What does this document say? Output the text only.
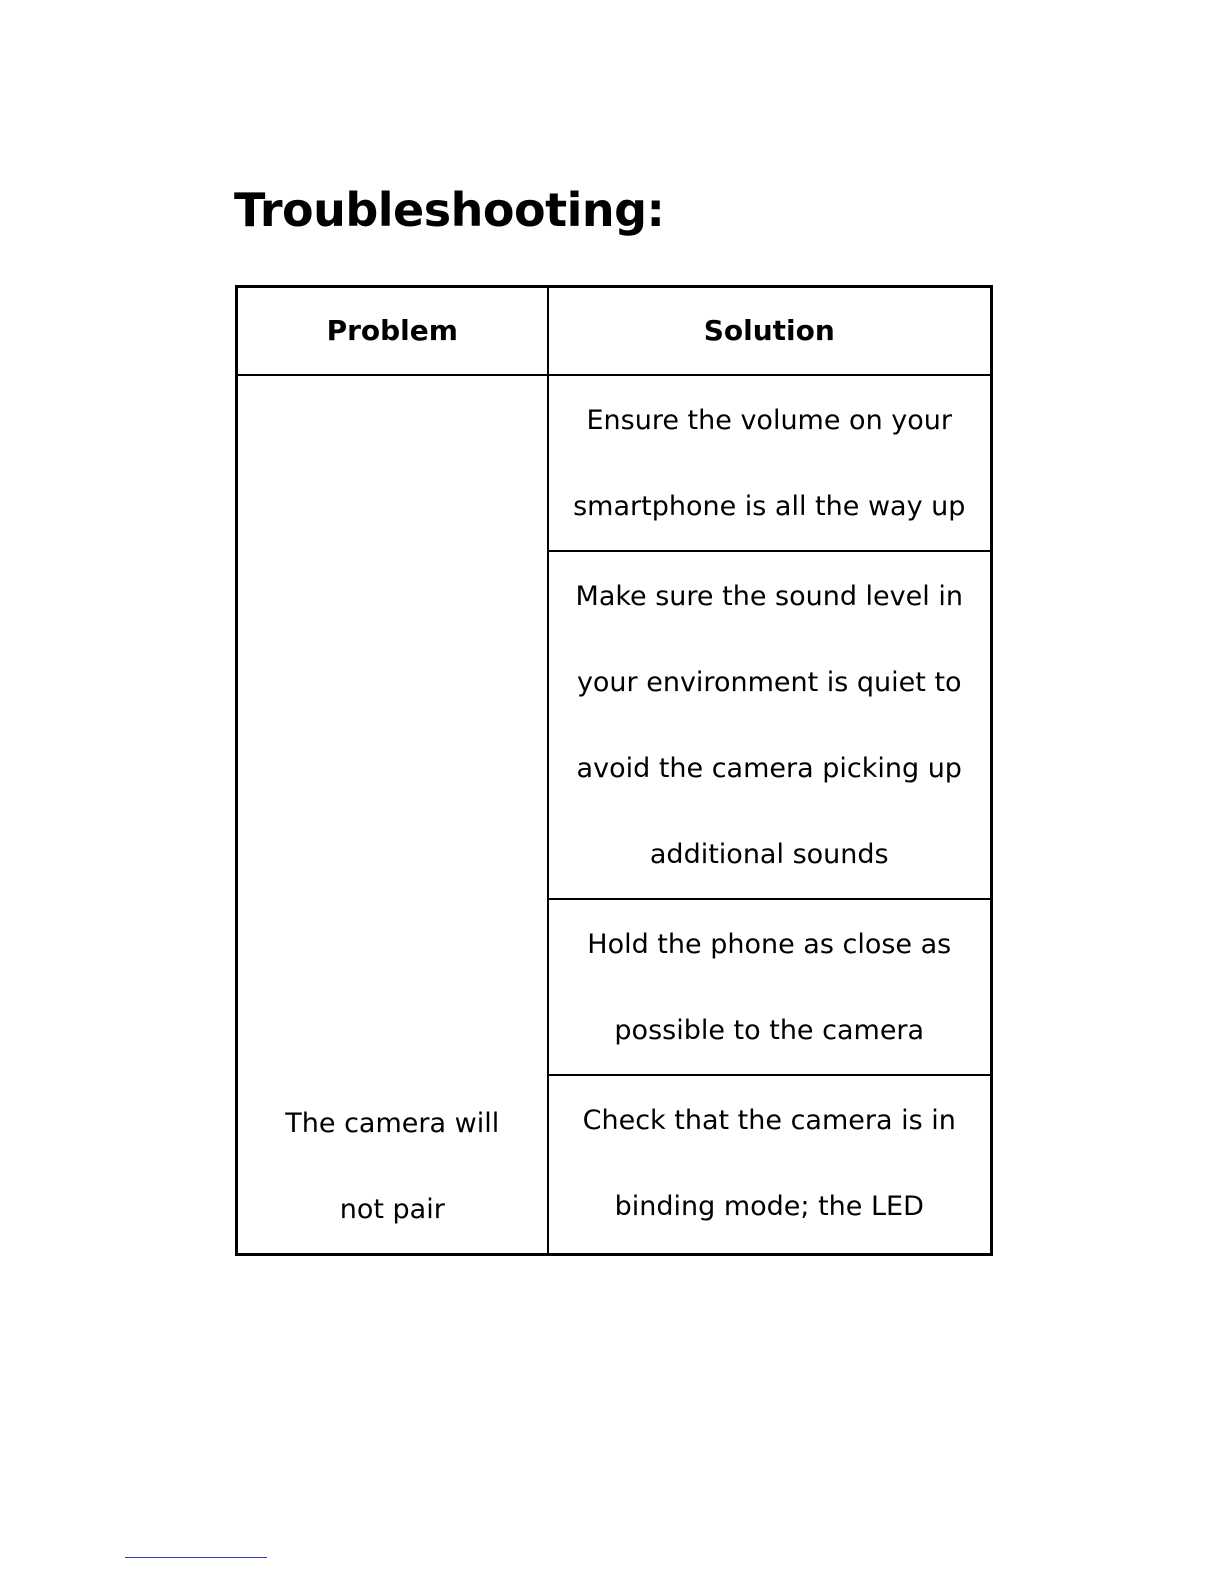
Troubleshooting:
Problem	Solution
The camera will not pair	Ensure the volume on your smartphone is all the way up
	Make sure the sound level in your environment is quiet to avoid the camera picking up additional sounds
	Hold the phone as close as possible to the camera
	Check that the camera is in binding mode; the LED
